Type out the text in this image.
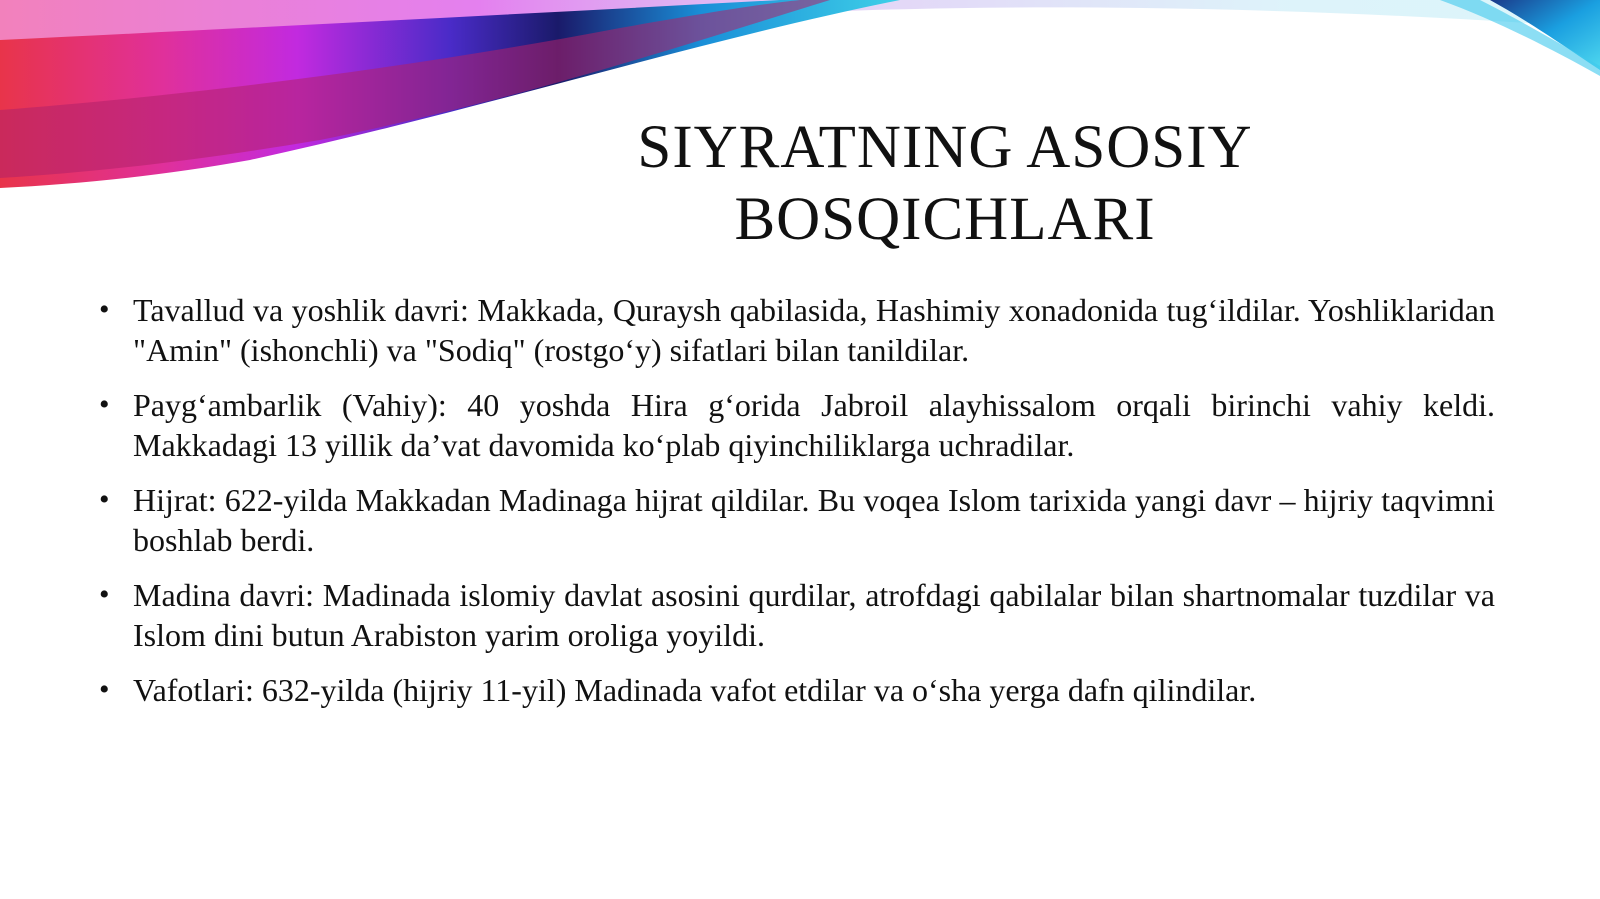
SIYRATNING ASOSIY
BOSQICHLARI
• Tavallud va yoshlik davri: Makkada, Quraysh qabilasida, Hashimiy xonadonida tug‘ildilar. Yoshliklaridan "Amin" (ishonchli) va "Sodiq" (rostgo‘y) sifatlari bilan tanildilar.
• Payg‘ambarlik (Vahiy): 40 yoshda Hira g‘orida Jabroil alayhissalom orqali birinchi vahiy keldi. Makkadagi 13 yillik da’vat davomida ko‘plab qiyinchiliklarga uchradilar.
• Hijrat: 622-yilda Makkadan Madinaga hijrat qildilar. Bu voqea Islom tarixida yangi davr – hijriy taqvimni boshlab berdi.
• Madina davri: Madinada islomiy davlat asosini qurdilar, atrofdagi qabilalar bilan shartnomalar tuzdilar va Islom dini butun Arabiston yarim oroliga yoyildi.
• Vafotlari: 632-yilda (hijriy 11-yil) Madinada vafot etdilar va o‘sha yerga dafn qilindilar.
